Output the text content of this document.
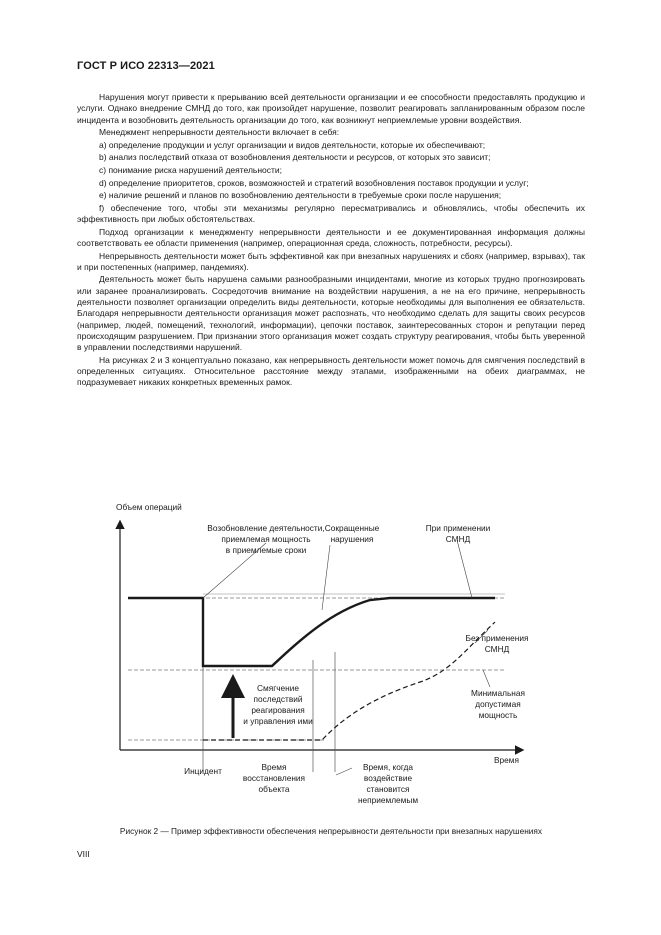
ГОСТ Р ИСО 22313—2021

Нарушения могут привести к прерыванию всей деятельности организации и ее способности предоставлять продукцию и услуги. Однако внедрение СМНД до того, как произойдет нарушение, позволит реагировать запланированным образом после инцидента и возобновить деятельность организации до того, как возникнут неприемлемые уровни воздействия.

Менеджмент непрерывности деятельности включает в себя:

a) определение продукции и услуг организации и видов деятельности, которые их обеспечивают;

b) анализ последствий отказа от возобновления деятельности и ресурсов, от которых это зависит;

c) понимание риска нарушений деятельности;

d) определение приоритетов, сроков, возможностей и стратегий возобновления поставок продукции и услуг;

e) наличие решений и планов по возобновлению деятельности в требуемые сроки после нарушения;

f) обеспечение того, чтобы эти механизмы регулярно пересматривались и обновлялись, чтобы обеспечить их эффективность при любых обстоятельствах.

Подход организации к менеджменту непрерывности деятельности и ее документированная информация должны соответствовать ее области применения (например, операционная среда, сложность, потребности, ресурсы).

Непрерывность деятельности может быть эффективной как при внезапных нарушениях и сбоях (например, взрывах), так и при постепенных (например, пандемиях).

Деятельность может быть нарушена самыми разнообразными инцидентами, многие из которых трудно прогнозировать или заранее проанализировать. Сосредоточив внимание на воздействии нарушения, а не на его причине, непрерывность деятельности позволяет организации определить виды деятельности, которые необходимы для выполнения ее обязательств. Благодаря непрерывности деятельности организация может распознать, что необходимо сделать для защиты своих ресурсов (например, людей, помещений, технологий, информации), цепочки поставок, заинтересованных сторон и репутации перед происходящим разрушением. При признании этого организация может создать структуру реагирования, чтобы быть уверенной в управлении последствиями нарушений.

На рисунках 2 и 3 концептуально показано, как непрерывность деятельности может помочь для смягчения последствий в определенных ситуациях. Относительное расстояние между этапами, изображенными на обеих диаграммах, не подразумевает никаких конкретных временных рамок.

Объем операций
Время
Возобновление деятельности,
приемлемая мощность
в приемлемые сроки
Сокращенные
нарушения
При применении
СМНД
Без применения
СМНД
Минимальная
допустимая
мощность
Смягчение
последствий
реагирования
и управления ими
Инцидент	Время
восстановления
объекта
Время, когда
воздействие
становится
неприемлемым
Рисунок 2 — Пример эффективности обеспечения непрерывности деятельности при внезапных нарушениях
VIII
